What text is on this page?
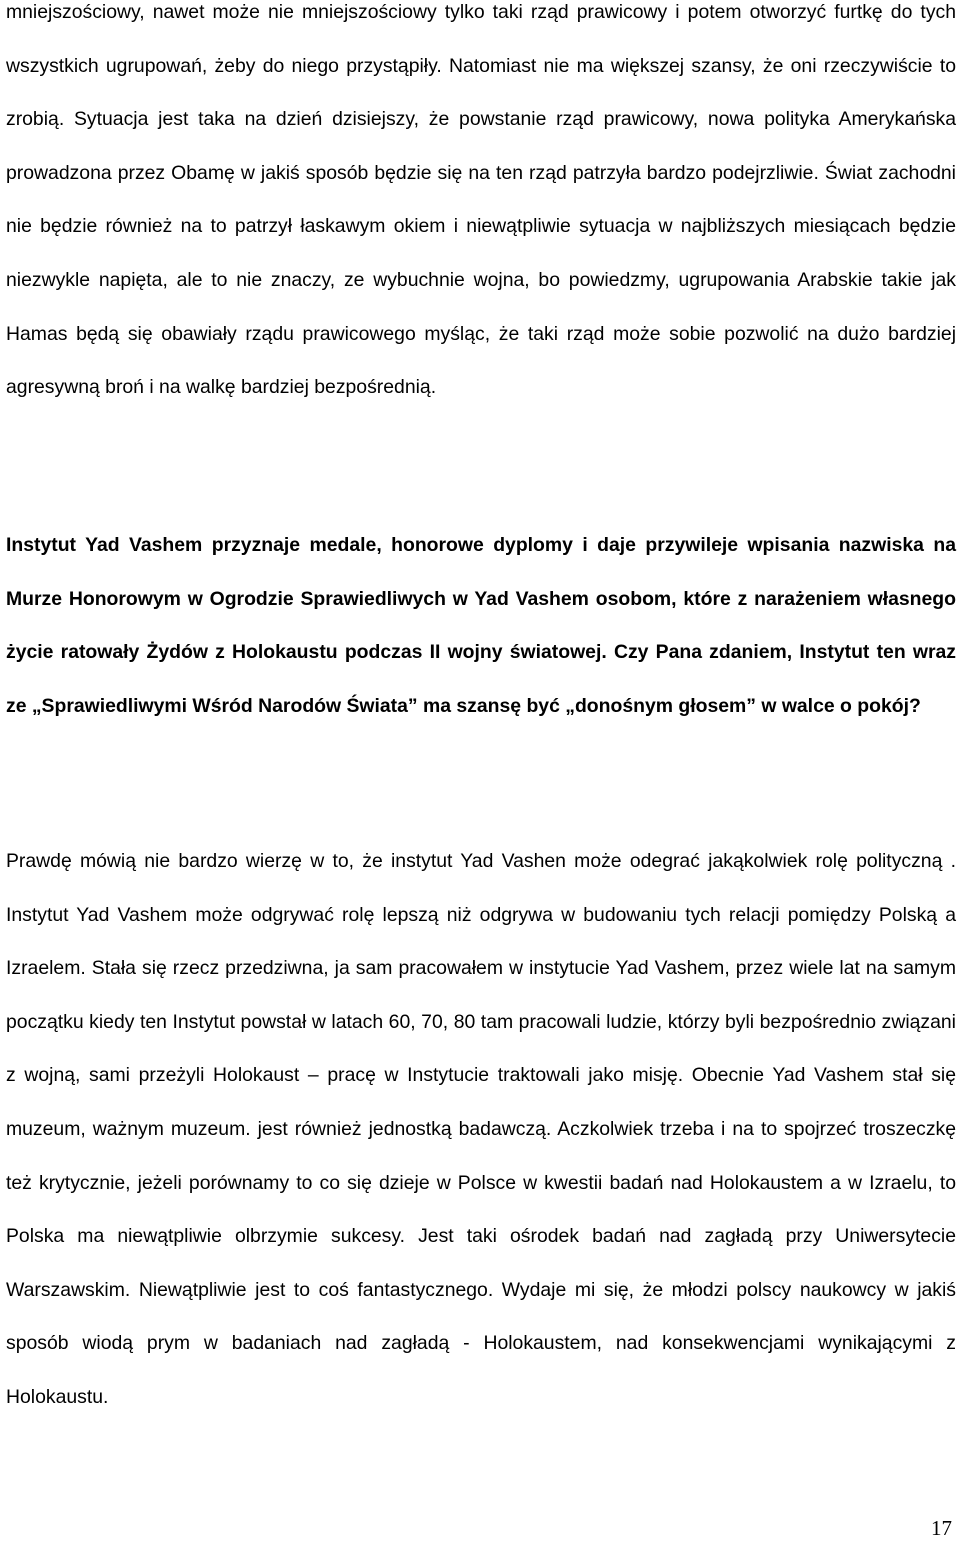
mniejszościowy, nawet może nie mniejszościowy tylko taki rząd prawicowy i potem otworzyć furtkę do tych wszystkich ugrupowań, żeby do niego przystąpiły. Natomiast nie ma większej szansy, że oni rzeczywiście to zrobią. Sytuacja jest taka na dzień dzisiejszy, że powstanie rząd prawicowy, nowa polityka Amerykańska prowadzona przez Obamę w jakiś sposób będzie się na ten rząd patrzyła bardzo podejrzliwie. Świat zachodni nie będzie również na to patrzył łaskawym okiem i niewątpliwie sytuacja w najbliższych miesiącach będzie niezwykle napięta, ale to nie znaczy, ze wybuchnie wojna, bo powiedzmy, ugrupowania Arabskie takie jak Hamas będą się obawiały rządu prawicowego myśląc, że taki rząd może sobie pozwolić na dużo bardziej agresywną broń i na walkę bardziej bezpośrednią.

Instytut Yad Vashem przyznaje medale, honorowe dyplomy i daje przywileje wpisania nazwiska na Murze Honorowym w Ogrodzie Sprawiedliwych w Yad Vashem osobom, które z narażeniem własnego życie ratowały Żydów z Holokaustu podczas II wojny światowej. Czy Pana zdaniem, Instytut ten wraz ze „Sprawiedliwymi Wśród Narodów Świata” ma szansę być „donośnym głosem” w walce o pokój?

Prawdę mówią nie bardzo wierzę w to, że instytut Yad Vashen może odegrać jakąkolwiek rolę polityczną . Instytut Yad Vashem może odgrywać rolę lepszą niż odgrywa w budowaniu tych relacji pomiędzy Polską a Izraelem. Stała się rzecz przedziwna, ja sam pracowałem w instytucie Yad Vashem, przez wiele lat na samym początku kiedy ten Instytut powstał w latach 60, 70, 80 tam pracowali ludzie, którzy byli bezpośrednio związani z wojną, sami przeżyli Holokaust – pracę w Instytucie traktowali jako misję. Obecnie Yad Vashem stał się muzeum, ważnym muzeum. jest również jednostką badawczą. Aczkolwiek trzeba i na to spojrzeć troszeczkę też krytycznie, jeżeli porównamy to co się dzieje w Polsce w kwestii badań nad Holokaustem a w Izraelu, to Polska ma niewątpliwie olbrzymie sukcesy. Jest taki ośrodek badań nad zagładą przy Uniwersytecie Warszawskim. Niewątpliwie jest to coś fantastycznego. Wydaje mi się, że młodzi polscy naukowcy w jakiś sposób wiodą prym w badaniach nad zagładą - Holokaustem, nad konsekwencjami wynikającymi z Holokaustu.

17
